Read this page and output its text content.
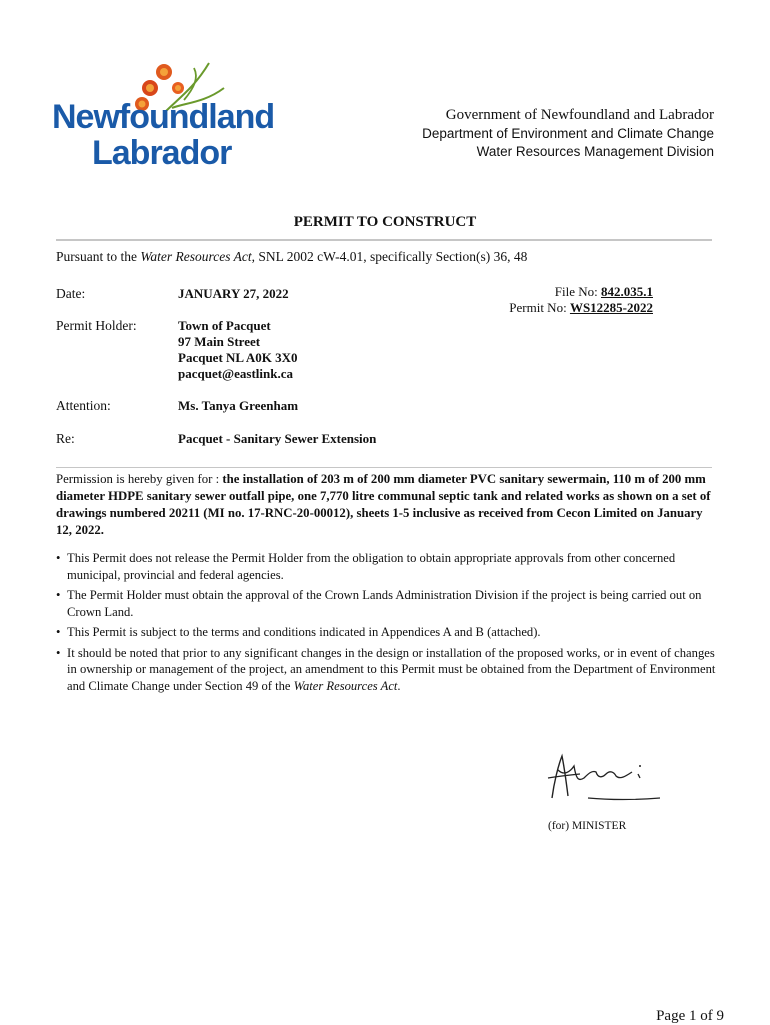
Newfoundland
Labrador
Government of Newfoundland and Labrador
Department of Environment and Climate Change
Water Resources Management Division
PERMIT TO CONSTRUCT
Pursuant to the Water Resources Act, SNL 2002 cW-4.01, specifically Section(s) 36, 48
Date:	JANUARY 27, 2022
Permit Holder:	Town of Pacquet
97 Main Street
Pacquet NL A0K 3X0
pacquet@eastlink.ca
Attention:	Ms. Tanya Greenham
Re:	Pacquet - Sanitary Sewer Extension
File No: 842.035.1
Permit No: WS12285-2022
Permission is hereby given for : the installation of 203 m of 200 mm diameter PVC sanitary sewermain, 110 m of 200 mm diameter HDPE sanitary sewer outfall pipe, one 7,770 litre communal septic tank and related works as shown on a set of drawings numbered 20211 (MI no. 17-RNC-20-00012), sheets 1-5 inclusive as received from Cecon Limited on January 12, 2022.
• This Permit does not release the Permit Holder from the obligation to obtain appropriate approvals from other concerned municipal, provincial and federal agencies.
• The Permit Holder must obtain the approval of the Crown Lands Administration Division if the project is being carried out on Crown Land.
• This Permit is subject to the terms and conditions indicated in Appendices A and B (attached).
• It should be noted that prior to any significant changes in the design or installation of the proposed works, or in event of changes in ownership or management of the project, an amendment to this Permit must be obtained from the Department of Environment and Climate Change under Section 49 of the Water Resources Act.
(for) MINISTER
Page 1 of 9
